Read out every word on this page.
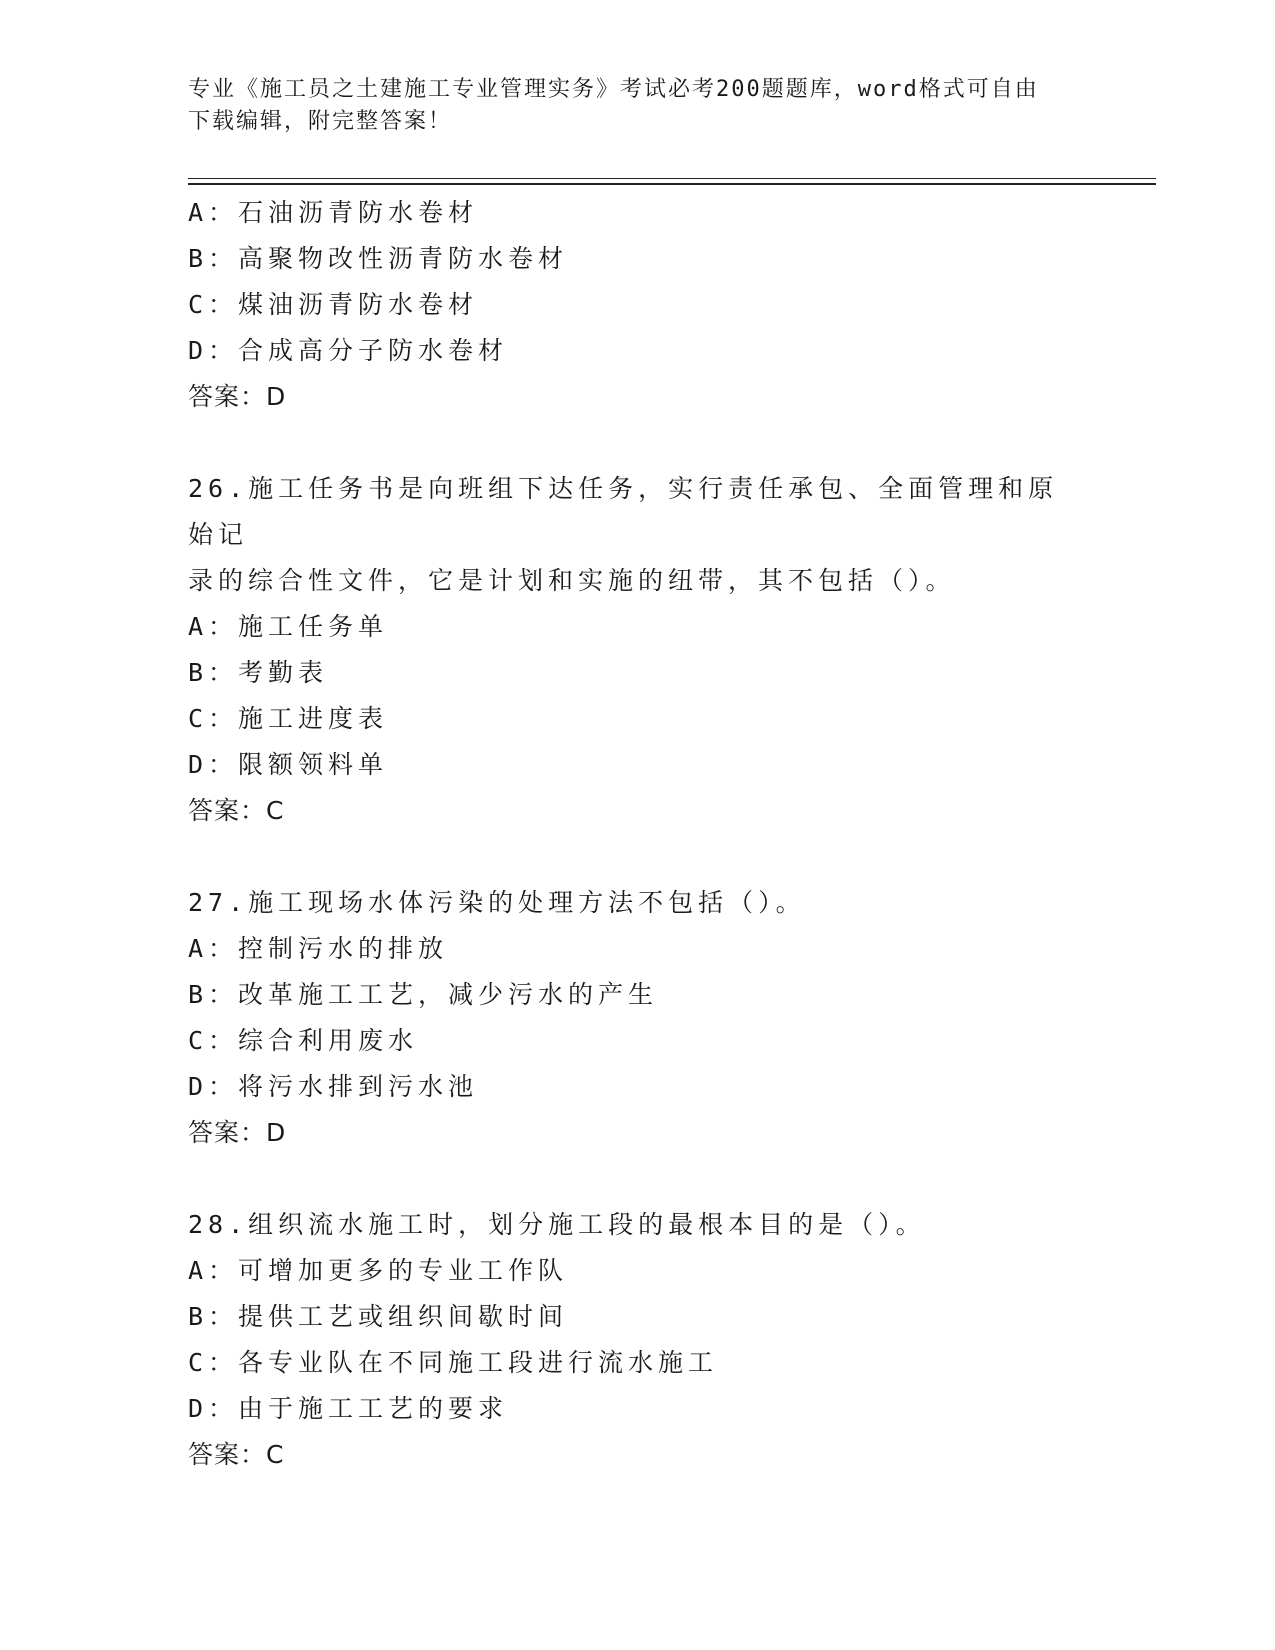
专业《施工员之土建施工专业管理实务》考试必考200题题库，word格式可自由
下载编辑，附完整答案！
A：石油沥青防水卷材
B：高聚物改性沥青防水卷材
C：煤油沥青防水卷材
D：合成高分子防水卷材
答案：D
26.施工任务书是向班组下达任务，实行责任承包、全面管理和原始记
录的综合性文件，它是计划和实施的纽带，其不包括（）。
A：施工任务单
B：考勤表
C：施工进度表
D：限额领料单
答案：C
27.施工现场水体污染的处理方法不包括（）。
A：控制污水的排放
B：改革施工工艺，减少污水的产生
C：综合利用废水
D：将污水排到污水池
答案：D
28.组织流水施工时，划分施工段的最根本目的是（）。
A：可增加更多的专业工作队
B：提供工艺或组织间歇时间
C：各专业队在不同施工段进行流水施工
D：由于施工工艺的要求
答案：C
